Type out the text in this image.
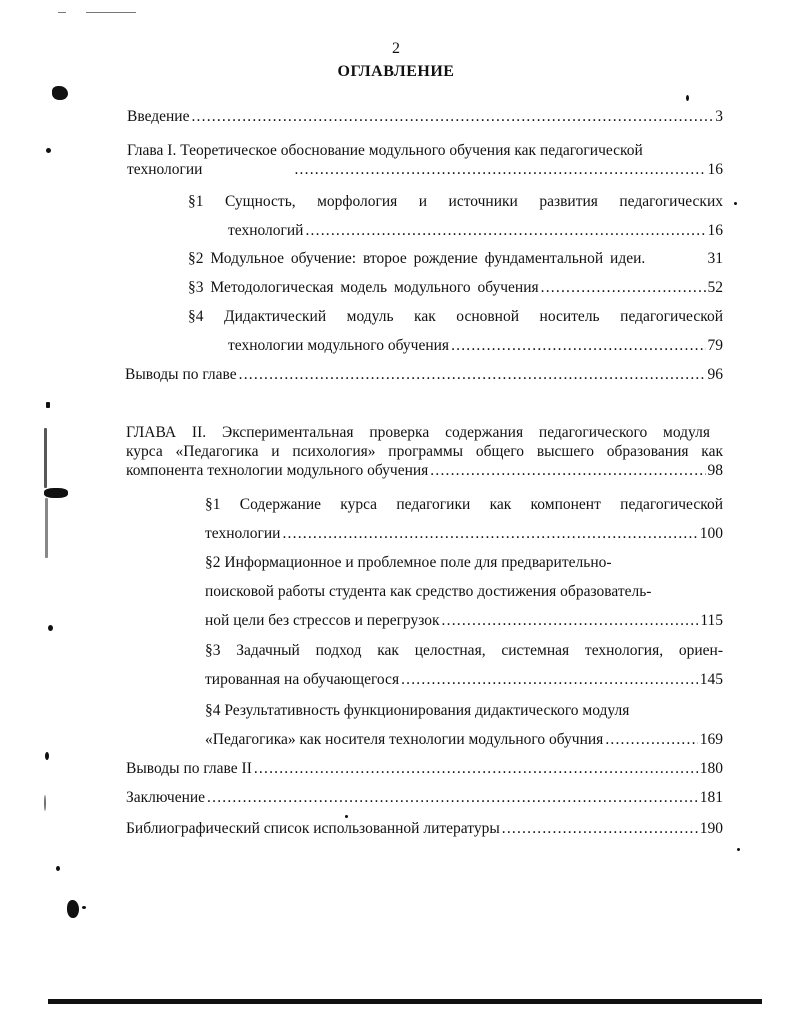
2
ОГЛАВЛЕНИЕ
Введение .....	3
Глава I. Теоретическое обоснование модульного обучения как педагогической
технологии .....	16
§1 Сущность, морфология и источники развития педагогических
технологий .....	16
§2 Модульное обучение: второе рождение фундаментальной идеи.	31
§3 Методологическая модель модульного обучения .....	52
§4 Дидактический модуль как основной носитель педагогической
технологии модульного обучения .....	79
Выводы по главе .....	96
ГЛАВА II. Экспериментальная проверка содержания педагогического модуля
курса «Педагогика и психология» программы общего высшего образования как
компонента технологии модульного обучения .....	98
§1 Содержание курса педагогики как компонент педагогической
технологии .....	100
§2 Информационное и проблемное поле для предварительно-
поисковой работы студента как средство достижения образователь-
ной цели без стрессов и перегрузок .....	115
§3 Задачный подход как целостная, системная технология, ориен-
тированная на обучающегося .....	145
§4 Результативность функционирования дидактического модуля
«Педагогика» как носителя технологии модульного обучния .....	169
Выводы по главе II .....	180
Заключение .....	181
Библиографический список использованной литературы .....	190
